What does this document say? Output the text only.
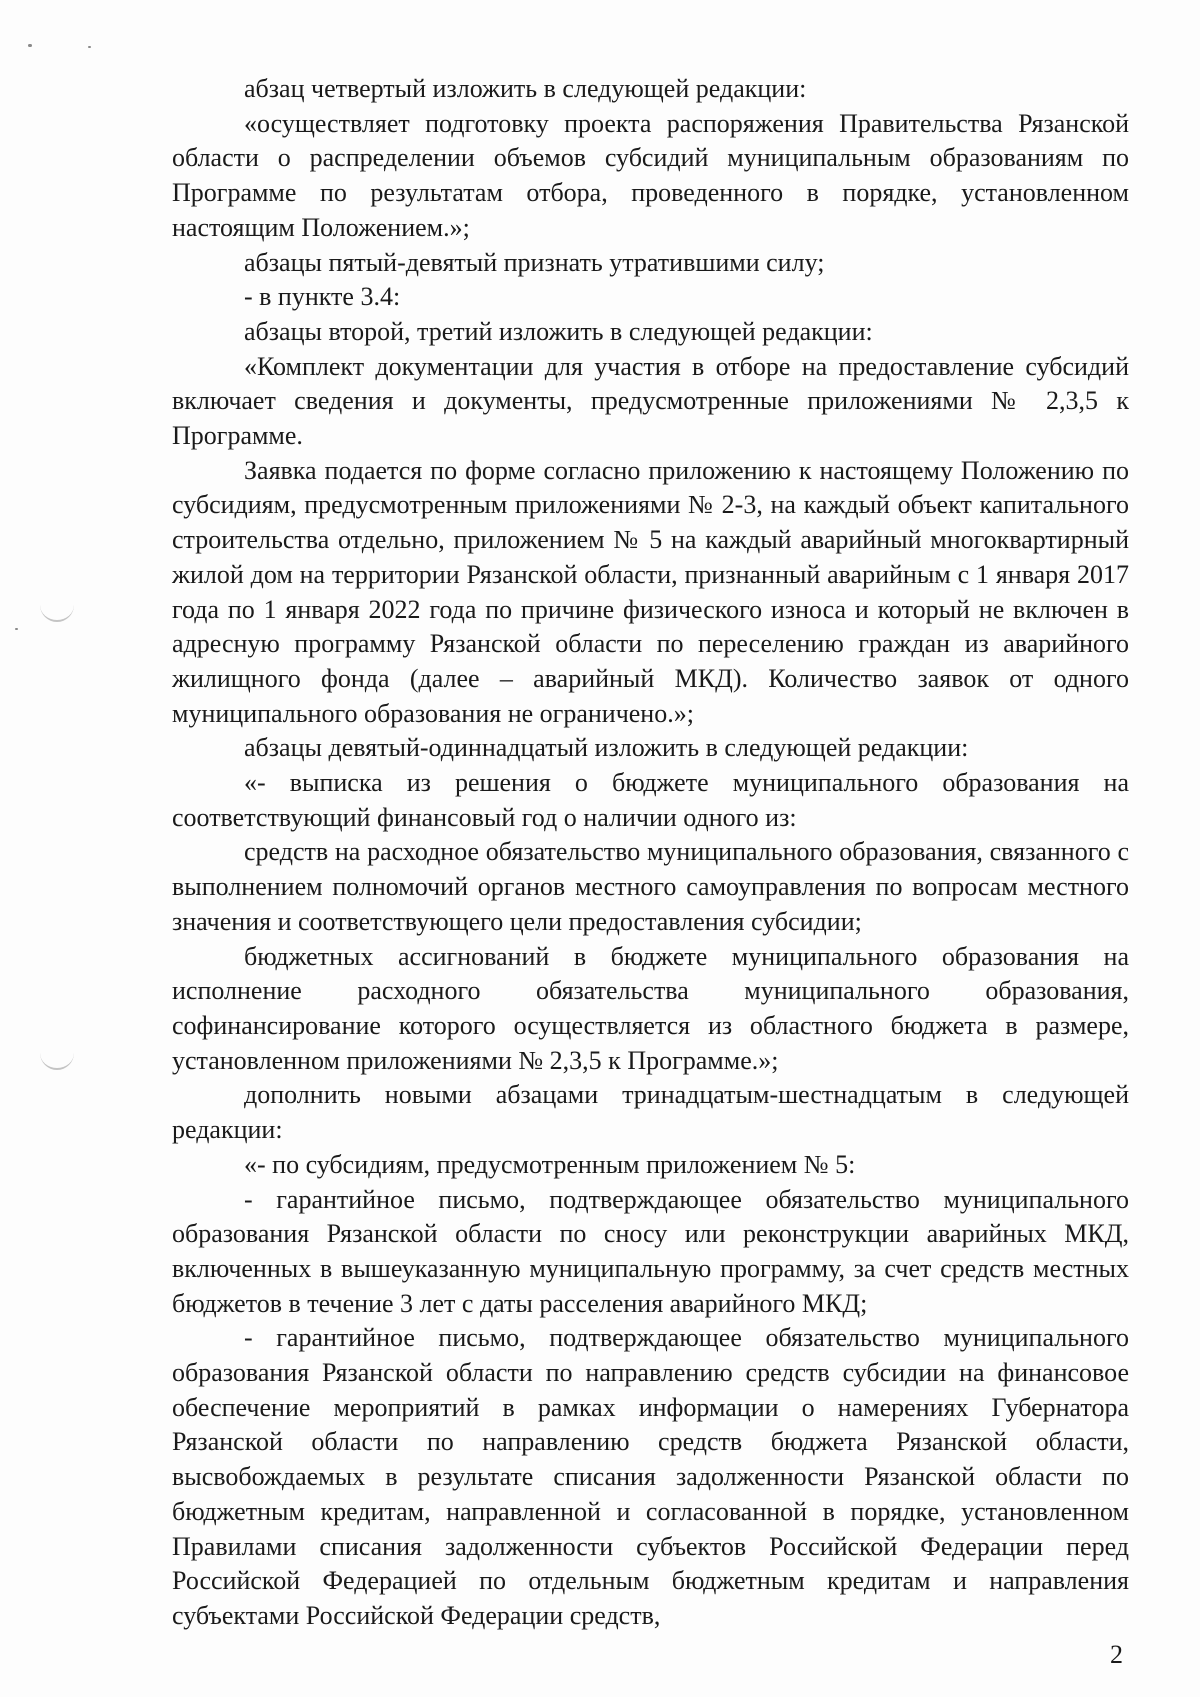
абзац четвертый изложить в следующей редакции:

«осуществляет подготовку проекта распоряжения Правительства Рязанской области о распределении объемов субсидий муниципальным образованиям по Программе по результатам отбора, проведенного в порядке, установленном настоящим Положением.»;

абзацы пятый-девятый признать утратившими силу;

- в пункте 3.4:

абзацы второй, третий изложить в следующей редакции:

«Комплект документации для участия в отборе на предоставление субсидий включает сведения и документы, предусмотренные приложениями № 2,3,5 к Программе.

Заявка подается по форме согласно приложению к настоящему Положению по субсидиям, предусмотренным приложениями № 2-3, на каждый объект капитального строительства отдельно, приложением № 5 на каждый аварийный многоквартирный жилой дом на территории Рязанской области, признанный аварийным с 1 января 2017 года по 1 января 2022 года по причине физического износа и который не включен в адресную программу Рязанской области по переселению граждан из аварийного жилищного фонда (далее – аварийный МКД). Количество заявок от одного муниципального образования не ограничено.»;

абзацы девятый-одиннадцатый изложить в следующей редакции:

«- выписка из решения о бюджете муниципального образования на соответствующий финансовый год о наличии одного из:

средств на расходное обязательство муниципального образования, связанного с выполнением полномочий органов местного самоуправления по вопросам местного значения и соответствующего цели предоставления субсидии;

бюджетных ассигнований в бюджете муниципального образования на исполнение расходного обязательства муниципального образования, софинансирование которого осуществляется из областного бюджета в размере, установленном приложениями № 2,3,5 к Программе.»;

дополнить новыми абзацами тринадцатым-шестнадцатым в следующей редакции:

«- по субсидиям, предусмотренным приложением № 5:

- гарантийное письмо, подтверждающее обязательство муниципального образования Рязанской области по сносу или реконструкции аварийных МКД, включенных в вышеуказанную муниципальную программу, за счет средств местных бюджетов в течение 3 лет с даты расселения аварийного МКД;

- гарантийное письмо, подтверждающее обязательство муниципального образования Рязанской области по направлению средств субсидии на финансовое обеспечение мероприятий в рамках информации о намерениях Губернатора Рязанской области по направлению средств бюджета Рязанской области, высвобождаемых в результате списания задолженности Рязанской области по бюджетным кредитам, направленной и согласованной в порядке, установленном Правилами списания задолженности субъектов Российской Федерации перед Российской Федерацией по отдельным бюджетным кредитам и направления субъектами Российской Федерации средств,

2
